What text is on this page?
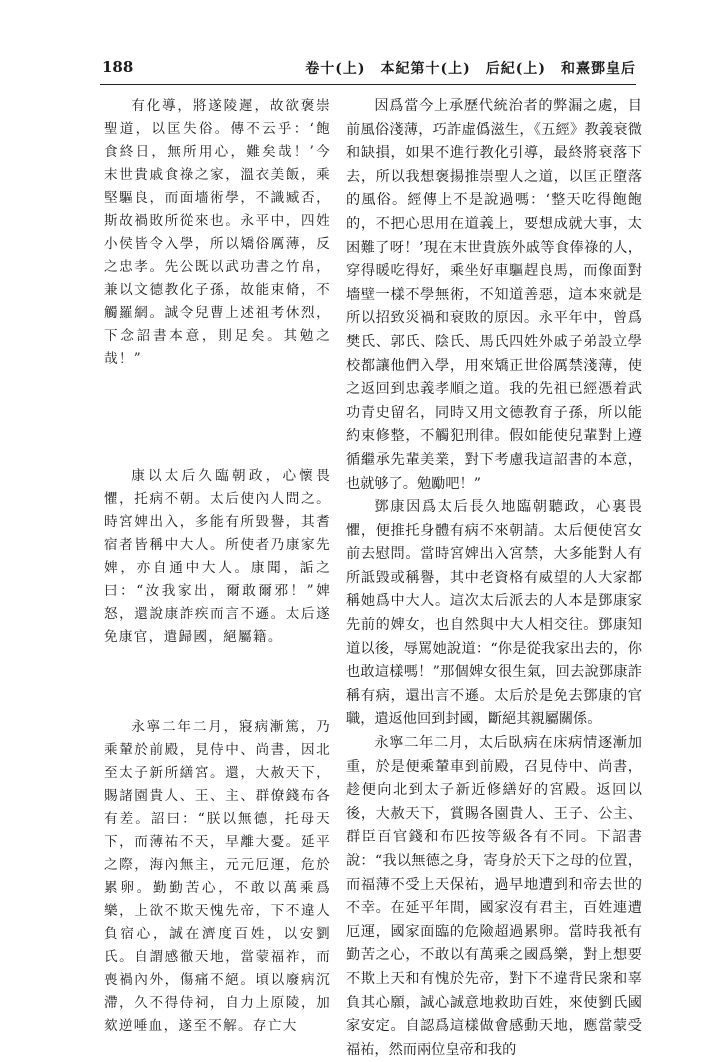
188	卷十(上)　本紀第十(上)　后紀(上)　和熹鄧皇后

有化導，將遂陵遲，故欲褒崇聖道，以匡失俗。傳不云乎：‘飽食終日，無所用心，難矣哉！’今末世貴戚食祿之家，溫衣美飯，乘堅驅良，而面墻術學，不識臧否，斯故禍敗所從來也。永平中，四姓小侯皆令入學，所以矯俗厲薄，反之忠孝。先公既以武功書之竹帛，兼以文德教化子孫，故能束脩，不觸羅網。誠令兒曹上述祖考休烈，下念詔書本意，則足矣。其勉之哉！”

康以太后久臨朝政，心懷畏懼，托病不朝。太后使內人問之。時宮婢出入，多能有所毀譽，其耆宿者皆稱中大人。所使者乃康家先婢，亦自通中大人。康聞，詬之曰：“汝我家出，爾敢爾邪！”婢怒，還說康詐疾而言不遜。太后遂免康官，遣歸國，絕屬籍。

永寧二年二月，寢病漸篤，乃乘輦於前殿，見侍中、尚書，因北至太子新所繕宮。還，大赦天下，賜諸園貴人、王、主、群僚錢布各有差。詔曰：“朕以無德，托母天下，而薄祐不天，早離大憂。延平之際，海內無主，元元厄運，危於累卵。勤勤苦心，不敢以萬乘爲樂，上欲不欺天愧先帝，下不違人負宿心，誠在濟度百姓，以安劉氏。自謂感徹天地，當蒙福祚，而喪禍內外，傷痛不絕。頃以廢病沉滯，久不得侍祠，自力上原陵，加欬逆唾血，遂至不解。存亡大

因爲當今上承歷代統治者的弊漏之處，目前風俗淺薄，巧詐虛僞滋生，《五經》教義衰微和缺損，如果不進行教化引導，最終將衰落下去，所以我想褒揚推崇聖人之道，以匡正墮落的風俗。經傳上不是說過嗎：‘整天吃得飽飽的，不把心思用在道義上，要想成就大事，太困難了呀！’現在末世貴族外戚等食俸祿的人，穿得暖吃得好，乘坐好車驅趕良馬，而像面對墻壁一樣不學無術，不知道善惡，這本來就是所以招致災禍和衰敗的原因。永平年中，曾爲樊氏、郭氏、陰氏、馬氏四姓外戚子弟設立學校都讓他們入學，用來矯正世俗厲禁淺薄，使之返回到忠義孝順之道。我的先祖已經憑着武功青史留名，同時又用文德教育子孫，所以能約束修整，不觸犯刑律。假如能使兒輩對上遵循繼承先輩美業，對下考慮我這詔書的本意，也就够了。勉勵吧！”

鄧康因爲太后長久地臨朝聽政，心裏畏懼，便推托身體有病不來朝請。太后便使宮女前去慰問。當時宮婢出入宮禁，大多能對人有所詆毀或稱譽，其中老資格有威望的人大家都稱她爲中大人。這次太后派去的人本是鄧康家先前的婢女，也自然與中大人相交往。鄧康知道以後，辱罵她說道：“你是從我家出去的，你也敢這樣嗎！”那個婢女很生氣，回去說鄧康詐稱有病，還出言不遜。太后於是免去鄧康的官職，遣返他回到封國，斷絕其親屬關係。

永寧二年二月，太后臥病在床病情逐漸加重，於是便乘輦車到前殿，召見侍中、尚書，趁便向北到太子新近修繕好的宮殿。返回以後，大赦天下，賞賜各園貴人、王子、公主、群臣百官錢和布匹按等級各有不同。下詔書說：“我以無德之身，寄身於天下之母的位置，而福薄不受上天保祐，過早地遭到和帝去世的不幸。在延平年間，國家沒有君主，百姓連遭厄運，國家面臨的危險超過累卵。當時我衹有勤苦之心，不敢以有萬乘之國爲樂，對上想要不欺上天和有愧於先帝，對下不違背民衆和辜負其心願，誠心誠意地救助百姓，來使劉氏國家安定。自認爲這樣做會感動天地，應當蒙受福祐，然而兩位皇帝和我的
